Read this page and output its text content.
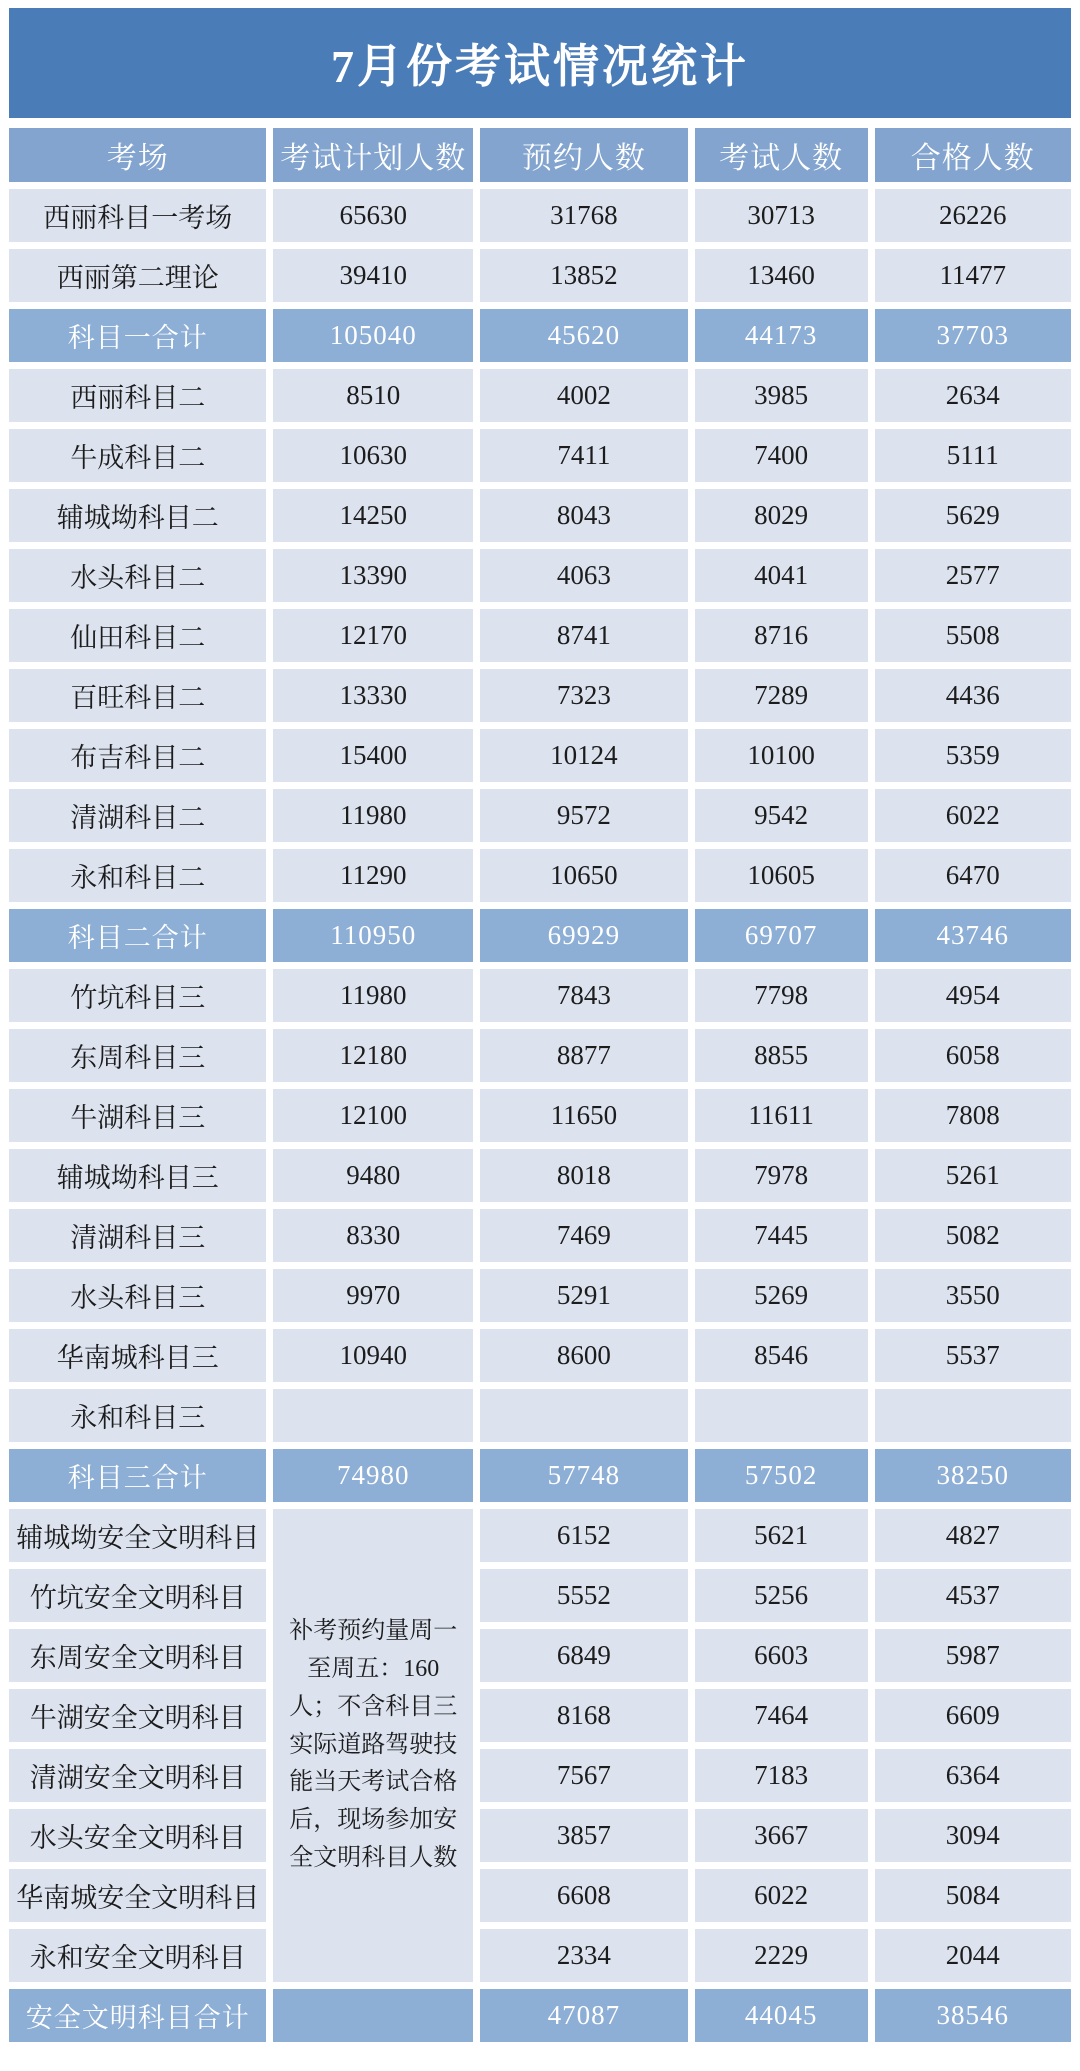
7月份考试情况统计
考场	考试计划人数	预约人数	考试人数	合格人数
西丽科目一考场	65630	31768	30713	26226
西丽第二理论	39410	13852	13460	11477
科目一合计	105040	45620	44173	37703
西丽科目二	8510	4002	3985	2634
牛成科目二	10630	7411	7400	5111
辅城坳科目二	14250	8043	8029	5629
水头科目二	13390	4063	4041	2577
仙田科目二	12170	8741	8716	5508
百旺科目二	13330	7323	7289	4436
布吉科目二	15400	10124	10100	5359
清湖科目二	11980	9572	9542	6022
永和科目二	11290	10650	10605	6470
科目二合计	110950	69929	69707	43746
竹坑科目三	11980	7843	7798	4954
东周科目三	12180	8877	8855	6058
牛湖科目三	12100	11650	11611	7808
辅城坳科目三	9480	8018	7978	5261
清湖科目三	8330	7469	7445	5082
水头科目三	9970	5291	5269	3550
华南城科目三	10940	8600	8546	5537
永和科目三				
科目三合计	74980	57748	57502	38250
辅城坳安全文明科目	补考预约量周一至周五：160人；不含科目三实际道路驾驶技能当天考试合格后，现场参加安全文明科目人数	6152	5621	4827
竹坑安全文明科目		5552	5256	4537
东周安全文明科目		6849	6603	5987
牛湖安全文明科目		8168	7464	6609
清湖安全文明科目		7567	7183	6364
水头安全文明科目		3857	3667	3094
华南城安全文明科目		6608	6022	5084
永和安全文明科目		2334	2229	2044
安全文明科目合计		47087	44045	38546
